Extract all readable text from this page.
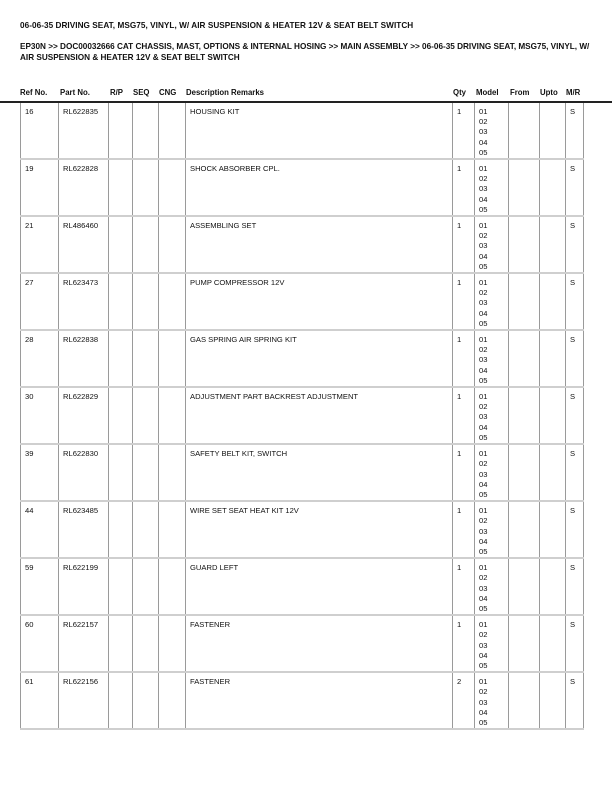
06-06-35 DRIVING SEAT, MSG75, VINYL, W/ AIR SUSPENSION & HEATER 12V & SEAT BELT SWITCH
EP30N >> DOC00032666 CAT CHASSIS, MAST, OPTIONS & INTERNAL HOSING >> MAIN ASSEMBLY >> 06-06-35 DRIVING SEAT, MSG75, VINYL, W/ AIR SUSPENSION & HEATER 12V & SEAT BELT SWITCH
Ref No. Part No.	R/P SEQ CNG Description Remarks	Qty Model From Upto M/R
16	RL622835				HOUSING KIT	1	01
02
03
04
05			S
19	RL622828				SHOCK ABSORBER CPL.	1	01
02
03
04
05			S
21	RL486460				ASSEMBLING SET	1	01
02
03
04
05			S
27	RL623473				PUMP COMPRESSOR 12V	1	01
02
03
04
05			S
28	RL622838				GAS SPRING AIR SPRING KIT	1	01
02
03
04
05			S
30	RL622829				ADJUSTMENT PART BACKREST ADJUSTMENT	1	01
02
03
04
05			S
39	RL622830				SAFETY BELT KIT, SWITCH	1	01
02
03
04
05			S
44	RL623485				WIRE SET SEAT HEAT KIT 12V	1	01
02
03
04
05			S
59	RL622199				GUARD LEFT	1	01
02
03
04
05			S
60	RL622157				FASTENER	1	01
02
03
04
05			S
61	RL622156				FASTENER	2	01
02
03
04
05			S
